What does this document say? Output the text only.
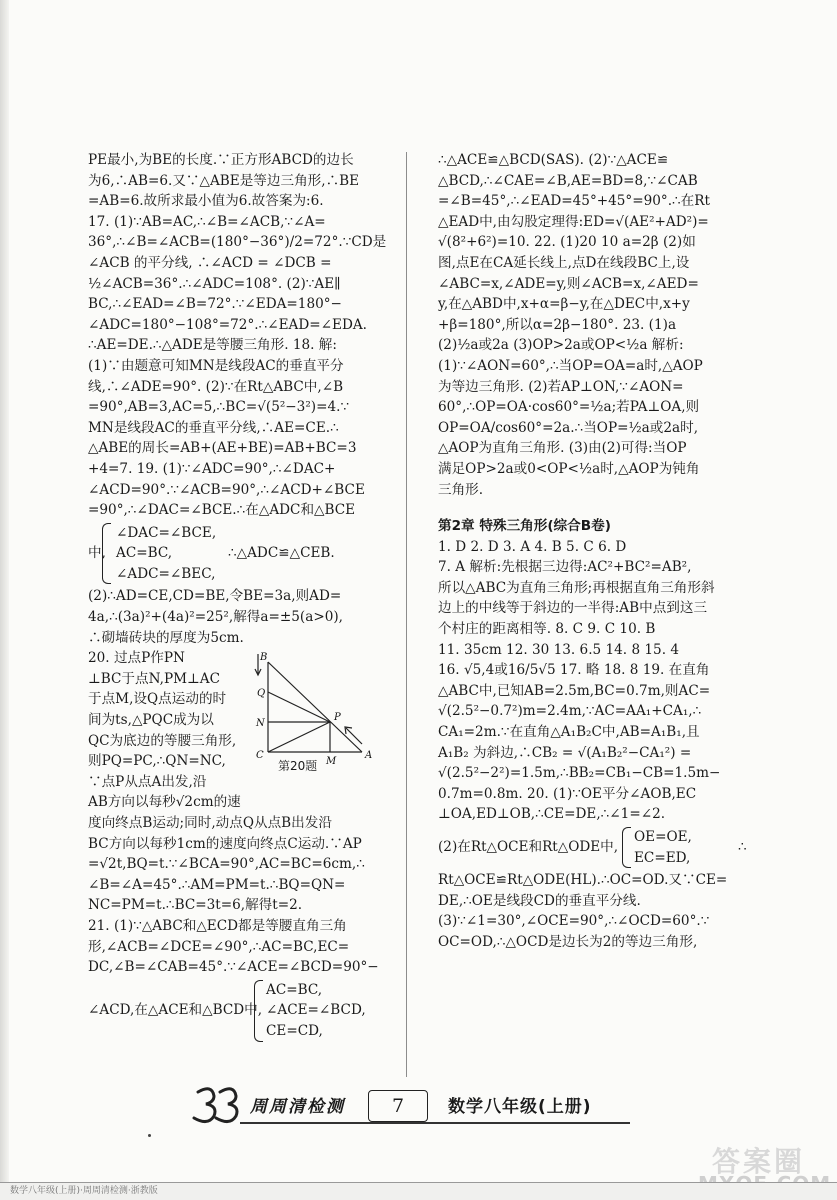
PE最小,为BE的长度.∵正方形ABCD的边长

为6,∴AB=6.又∵△ABE是等边三角形,∴BE

=AB=6.故所求最小值为6.故答案为:6.

17. (1)∵AB=AC,∴∠B=∠ACB,∵∠A=

36°,∴∠B=∠ACB=(180°−36°)/2=72°.∵CD是

∠ACB 的平分线, ∴∠ACD = ∠DCB =

½∠ACB=36°.∴∠ADC=108°. (2)∵AE∥

BC,∴∠EAD=∠B=72°.∵∠EDA=180°−

∠ADC=180°−108°=72°.∴∠EAD=∠EDA.

∴AE=DE.∴△ADE是等腰三角形. 18. 解:

(1)∵由题意可知MN是线段AC的垂直平分

线,∴∠ADE=90°. (2)∵在Rt△ABC中,∠B

=90°,AB=3,AC=5,∴BC=√(5²−3²)=4.∵

MN是线段AC的垂直平分线,∴AE=CE.∴

△ABE的周长=AB+(AE+BE)=AB+BC=3

+4=7. 19. (1)∵∠ADC=90°,∴∠DAC+

∠ACD=90°.∵∠ACB=90°,∴∠ACD+∠BCE

=90°,∴∠DAC=∠BCE.∴在△ADC和△BCE

中,

∠DAC=∠BCE,

AC=BC,

∠ADC=∠BEC,

∴△ADC≌△CEB.

(2)∴AD=CE,CD=BE,令BE=3a,则AD=

4a,∴(3a)²+(4a)²=25²,解得a=±5(a>0),

∴砌墙砖块的厚度为5cm.

B
Q
N
C
P
M
A
第20题

20. 过点P作PN

⊥BC于点N,PM⊥AC

于点M,设Q点运动的时

间为ts,△PQC成为以

QC为底边的等腰三角形,

则PQ=PC,∴QN=NC,

∵点P从点A出发,沿

AB方向以每秒√2cm的速

度向终点B运动;同时,动点Q从点B出发沿

BC方向以每秒1cm的速度向终点C运动.∵AP

=√2t,BQ=t.∵∠BCA=90°,AC=BC=6cm,∴

∠B=∠A=45°.∴AM=PM=t.∴BQ=QN=

NC=PM=t.∴BC=3t=6,解得t=2.

21. (1)∵△ABC和△ECD都是等腰直角三角

形,∠ACB=∠DCE=∠90°,∴AC=BC,EC=

DC,∠B=∠CAB=45°.∵∠ACE=∠BCD=90°−

∠ACD,在△ACE和△BCD中,

AC=BC,

∠ACE=∠BCD,

CE=CD,

∴△ACE≌△BCD(SAS). (2)∵△ACE≌

△BCD,∴∠CAE=∠B,AE=BD=8,∵∠CAB

=∠B=45°,∴∠EAD=45°+45°=90°.∴在Rt

△EAD中,由勾股定理得:ED=√(AE²+AD²)=

√(8²+6²)=10. 22. (1)20 10 a=2β (2)如

图,点E在CA延长线上,点D在线段BC上,设

∠ABC=x,∠ADE=y,则∠ACB=x,∠AED=

y,在△ABD中,x+α=β−y,在△DEC中,x+y

+β=180°,所以α=2β−180°. 23. (1)a

(2)½a或2a (3)OP>2a或OP<½a 解析:

(1)∵∠AON=60°,∴当OP=OA=a时,△AOP

为等边三角形. (2)若AP⊥ON,∵∠AON=

60°,∴OP=OA·cos60°=½a;若PA⊥OA,则

OP=OA/cos60°=2a.∴当OP=½a或2a时,

△AOP为直角三角形. (3)由(2)可得:当OP

满足OP>2a或0<OP<½a时,△AOP为钝角

三角形.

第2章 特殊三角形(综合B卷)

1. D 2. D 3. A 4. B 5. C 6. D

7. A 解析:先根据三边得:AC²+BC²=AB²,

所以△ABC为直角三角形;再根据直角三角形斜

边上的中线等于斜边的一半得:AB中点到这三

个村庄的距离相等. 8. C 9. C 10. B

11. 35cm 12. 30 13. 6.5 14. 8 15. 4

16. √5,4或16/5√5 17. 略 18. 8 19. 在直角

△ABC中,已知AB=2.5m,BC=0.7m,则AC=

√(2.5²−0.7²)m=2.4m,∵AC=AA₁+CA₁,∴

CA₁=2m.∵在直角△A₁B₂C中,AB=A₁B₁,且

A₁B₂ 为斜边,∴CB₂ = √(A₁B₂²−CA₁²) =

√(2.5²−2²)=1.5m,∴BB₂=CB₁−CB=1.5m−

0.7m=0.8m. 20. (1)∵OE平分∠AOB,EC

⊥OA,ED⊥OB,∴CE=DE,∴∠1=∠2.

(2)在Rt△OCE和Rt△ODE中,

OE=OE,

EC=ED,

∴

Rt△OCE≌Rt△ODE(HL).∴OC=OD.又∵CE=

DE,∴OE是线段CD的垂直平分线.

(3)∵∠1=30°,∠OCE=90°,∴∠OCD=60°.∵

OC=OD,∴△OCD是边长为2的等边三角形,

周周清检测	7	数学八年级(上册)
答案圈
数学八年级(上册)·周周清检测·浙教版
